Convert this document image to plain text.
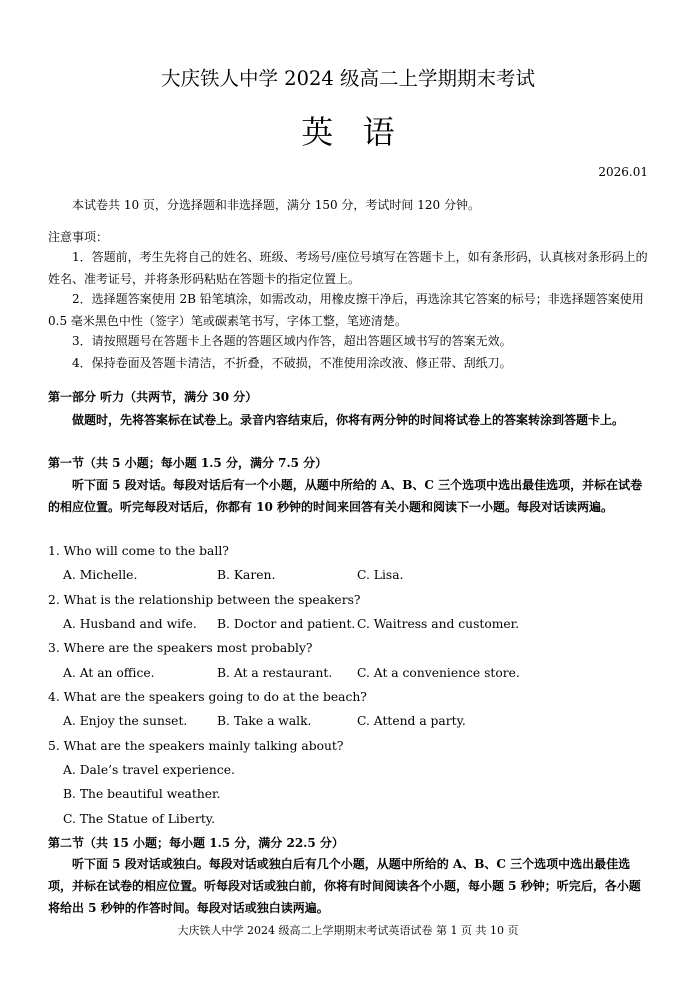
大庆铁人中学 2024 级高二上学期期末考试
英 语
2026.01
本试卷共 10 页，分选择题和非选择题，满分 150 分，考试时间 120 分钟。
注意事项：
1．答题前，考生先将自己的姓名、班级、考场号/座位号填写在答题卡上，如有条形码，认真核对条形码上的姓名、准考证号，并将条形码粘贴在答题卡的指定位置上。
2．选择题答案使用 2B 铅笔填涂，如需改动，用橡皮擦干净后，再选涂其它答案的标号；非选择题答案使用 0.5 毫米黑色中性（签字）笔或碳素笔书写，字体工整，笔迹清楚。
3．请按照题号在答题卡上各题的答题区域内作答，超出答题区域书写的答案无效。
4．保持卷面及答题卡清洁，不折叠，不破损，不准使用涂改液、修正带、刮纸刀。
第一部分 听力（共两节，满分 30 分）
做题时，先将答案标在试卷上。录音内容结束后，你将有两分钟的时间将试卷上的答案转涂到答题卡上。
第一节（共 5 小题；每小题 1.5 分，满分 7.5 分）
听下面 5 段对话。每段对话后有一个小题，从题中所给的 A、B、C 三个选项中选出最佳选项，并标在试卷的相应位置。听完每段对话后，你都有 10 秒钟的时间来回答有关小题和阅读下一小题。每段对话读两遍。
1. Who will come to the ball?
A. Michelle.	B. Karen.	C. Lisa.
2. What is the relationship between the speakers?
A. Husband and wife. B. Doctor and patient. C. Waitress and customer.
3. Where are the speakers most probably?
A. At an office.	B. At a restaurant. C. At a convenience store.
4. What are the speakers going to do at the beach?
A. Enjoy the sunset. B. Take a walk.	C. Attend a party.
5. What are the speakers mainly talking about?
A. Dale’s travel experience.
B. The beautiful weather.
C. The Statue of Liberty.
第二节（共 15 小题；每小题 1.5 分，满分 22.5 分）
听下面 5 段对话或独白。每段对话或独白后有几个小题，从题中所给的 A、B、C 三个选项中选出最佳选项，并标在试卷的相应位置。听每段对话或独白前，你将有时间阅读各个小题，每小题 5 秒钟；听完后，各小题将给出 5 秒钟的作答时间。每段对话或独白读两遍。
大庆铁人中学 2024 级高二上学期期末考试英语试卷 第 1 页 共 10 页
